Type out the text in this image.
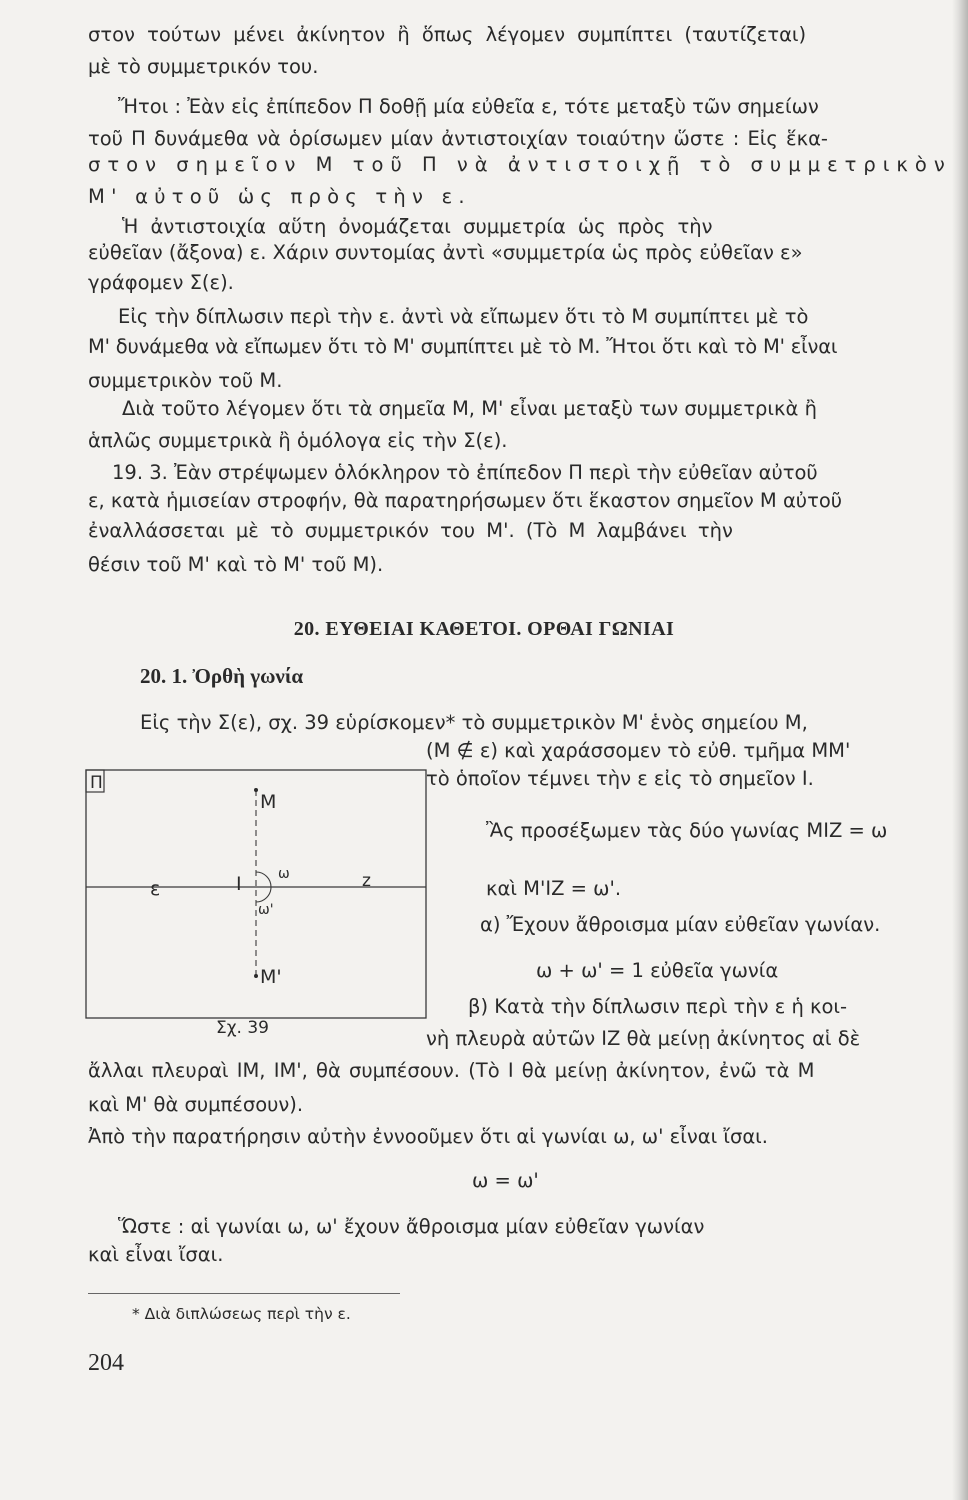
στον τούτων μένει ἀκίνητον ἢ ὅπως λέγομεν συμπίπτει (ταυτίζεται)
μὲ τὸ συμμετρικόν του.
Ἤτοι : Ἐὰν εἰς ἐπίπεδον Π δοθῇ μία εὐθεῖα ε, τότε μεταξὺ τῶν σημείων
τοῦ Π δυνάμεθα νὰ ὁρίσωμεν μίαν ἀντιστοιχίαν τοιαύτην ὥστε : Εἰς ἕκα-
στον σημεῖον Μ τοῦ Π νὰ ἀντιστοιχῇ τὸ συμμετρικὸν
Μ' αὐτοῦ ὡς πρὸς τὴν ε.
Ἡ ἀντιστοιχία αὕτη ὀνομάζεται συμμετρία ὡς πρὸς τὴν
εὐθεῖαν (ἄξονα) ε. Χάριν συντομίας ἀντὶ «συμμετρία ὡς πρὸς εὐθεῖαν ε»
γράφομεν Σ(ε).
Εἰς τὴν δίπλωσιν περὶ τὴν ε. ἀντὶ νὰ εἴπωμεν ὅτι τὸ Μ συμπίπτει μὲ τὸ
Μ' δυνάμεθα νὰ εἴπωμεν ὅτι τὸ Μ' συμπίπτει μὲ τὸ Μ. Ἤτοι ὅτι καὶ τὸ Μ' εἶναι
συμμετρικὸν τοῦ Μ.
Διὰ τοῦτο λέγομεν ὅτι τὰ σημεῖα Μ, Μ' εἶναι μεταξὺ των συμμετρικὰ ἢ
ἁπλῶς συμμετρικὰ ἢ ὁμόλογα εἰς τὴν Σ(ε).
19. 3. Ἐὰν στρέψωμεν ὁλόκληρον τὸ ἐπίπεδον Π περὶ τὴν εὐθεῖαν αὐτοῦ
ε, κατὰ ἡμισείαν στροφήν, θὰ παρατηρήσωμεν ὅτι ἕκαστον σημεῖον Μ αὐτοῦ
ἐναλλάσσεται μὲ τὸ συμμετρικόν του Μ'. (Τὸ Μ λαμβάνει τὴν
θέσιν τοῦ Μ' καὶ τὸ Μ' τοῦ Μ).
20. ΕΥΘΕΙΑΙ ΚΑΘΕΤΟΙ. ΟΡΘΑΙ ΓΩΝΙΑΙ
20. 1. Ὀρθὴ γωνία
Εἰς τὴν Σ(ε), σχ. 39 εὑρίσκομεν* τὸ συμμετρικὸν Μ' ἑνὸς σημείου Μ,
(Μ ∉ ε) καὶ χαράσσομεν τὸ εὐθ. τμῆμα ΜΜ'
τὸ ὁποῖον τέμνει τὴν ε εἰς τὸ σημεῖον Ι.
Ἂς προσέξωμεν τὰς δύο γωνίας ΜΙΖ = ω
καὶ Μ'ΙΖ = ω'.
α) Ἔχουν ἄθροισμα μίαν εὐθεῖαν γωνίαν.
ω + ω' = 1 εὐθεῖα γωνία
β) Κατὰ τὴν δίπλωσιν περὶ τὴν ε ἡ κοι-
νὴ πλευρὰ αὐτῶν ΙΖ θὰ μείνῃ ἀκίνητος αἱ δὲ
ἄλλαι πλευραὶ ΙΜ, ΙΜ', θὰ συμπέσουν. (Τὸ Ι θὰ μείνῃ ἀκίνητον, ἐνῶ τὰ Μ
καὶ Μ' θὰ συμπέσουν).
Ἀπὸ τὴν παρατήρησιν αὐτὴν ἐννοοῦμεν ὅτι αἱ γωνίαι ω, ω' εἶναι ἴσαι.
ω = ω'
Ὥστε : αἱ γωνίαι ω, ω' ἔχουν ἄθροισμα μίαν εὐθεῖαν γωνίαν
καὶ εἶναι ἴσαι.
Π
M
M'
I
ε	z
ω
ω'
Σχ. 39
* Διὰ διπλώσεως περὶ τὴν ε.
204
